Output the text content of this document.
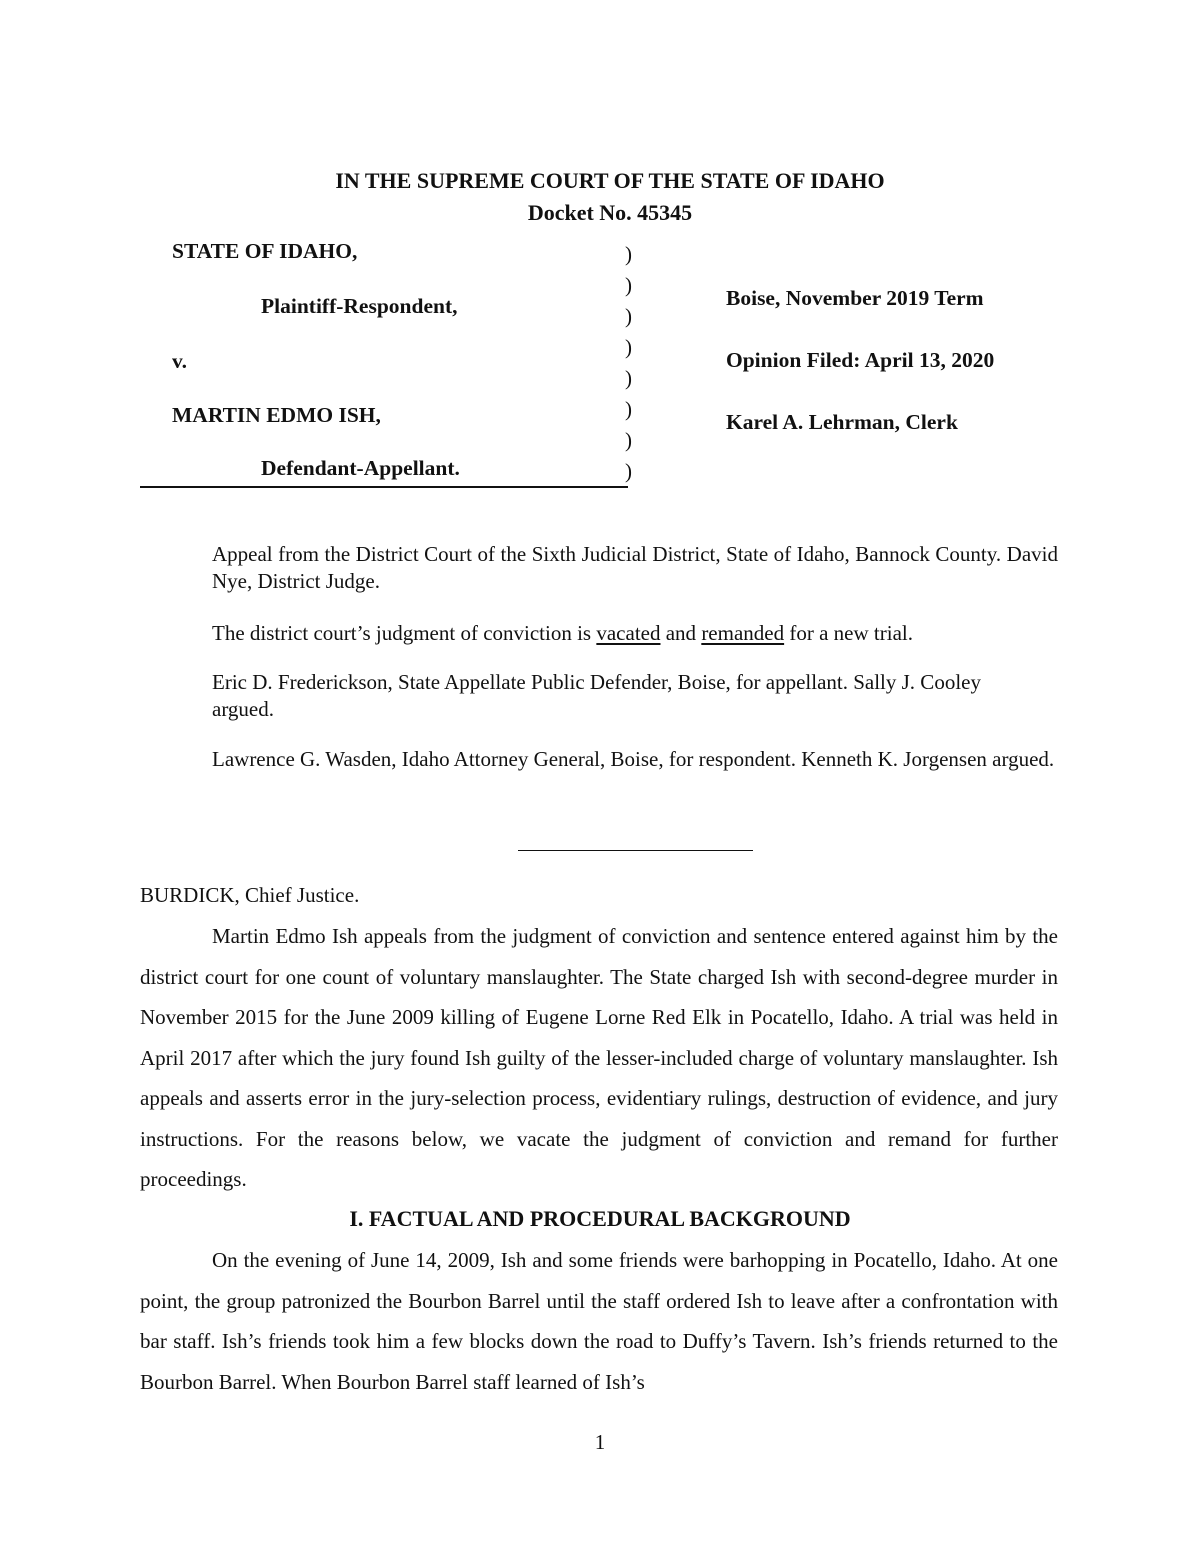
IN THE SUPREME COURT OF THE STATE OF IDAHO
Docket No. 45345
STATE OF IDAHO,
Plaintiff-Respondent,
v.
MARTIN EDMO ISH,
Defendant-Appellant.
)
)
)
)
)
)
)
)
Boise, November 2019 Term
Opinion Filed: April 13, 2020
Karel A. Lehrman, Clerk
Appeal from the District Court of the Sixth Judicial District, State of Idaho, Bannock County. David Nye, District Judge.
The district court’s judgment of conviction is vacated and remanded for a new trial.
Eric D. Frederickson, State Appellate Public Defender, Boise, for appellant. Sally J. Cooley argued.
Lawrence G. Wasden, Idaho Attorney General, Boise, for respondent. Kenneth K. Jorgensen argued.
BURDICK, Chief Justice.
Martin Edmo Ish appeals from the judgment of conviction and sentence entered against him by the district court for one count of voluntary manslaughter. The State charged Ish with second-degree murder in November 2015 for the June 2009 killing of Eugene Lorne Red Elk in Pocatello, Idaho. A trial was held in April 2017 after which the jury found Ish guilty of the lesser-included charge of voluntary manslaughter. Ish appeals and asserts error in the jury-selection process, evidentiary rulings, destruction of evidence, and jury instructions. For the reasons below, we vacate the judgment of conviction and remand for further proceedings.
I. FACTUAL AND PROCEDURAL BACKGROUND
On the evening of June 14, 2009, Ish and some friends were barhopping in Pocatello, Idaho. At one point, the group patronized the Bourbon Barrel until the staff ordered Ish to leave after a confrontation with bar staff. Ish’s friends took him a few blocks down the road to Duffy’s Tavern. Ish’s friends returned to the Bourbon Barrel. When Bourbon Barrel staff learned of Ish’s
1
